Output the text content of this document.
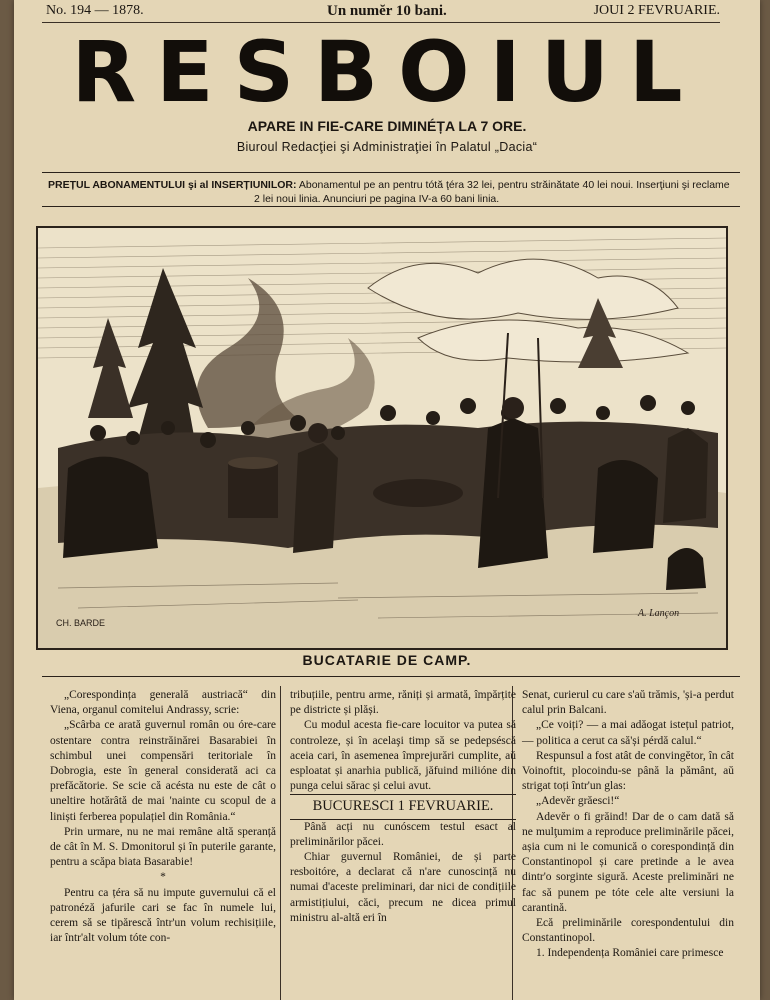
No. 194 — 1878.	Un numĕr 10 bani.	JOUI 2 FEVRUARIE.
RESBOIUL
APARE IN FIE-CARE DIMINÉȚA LA 7 ORE.
Biuroul Redacţiei şi Administraţiei în Palatul „Dacia“
PREȚUL ABONAMENTULUI şi al INSERȚIUNILOR: Abonamentul pe an pentru tótă ţéra 32 lei, pentru străinătate 40 lei noui. Inserţiuni şi reclame
2 lei noui linia. Anunciuri pe pagina IV-a 60 bani linia.
CH. BARDE
A. Lançon
BUCATARIE DE CAMP.

„Corespondința generală austriacă“ din Viena, organul comitelui Andrassy, scrie:

„Scârba ce arată guvernul român ou óre-care ostentare contra reinstrăinărei Basarabiei în schimbul unei compensări teritoriale în Dobrogia, este în general considerată aci ca prefăcătorie. Se scie că acésta nu este de cât o uneltire hotărâtă de mai 'nainte cu scopul de a liniști ferberea populațiel din România.“

Prin urmare, nu ne mai remâne altă speranță de cât în M. S. Dmonitorul și în puterile garante, pentru a scăpa biata Basarabie!

*

Pentru ca țéra să nu impute guvernului că el patronéză jafurile cari se fac în numele lui, cerem să se tipărescă într'un volum rechisițiile, iar într'alt volum tóte con-

tribuțiile, pentru arme, răniți și armată, împărțite pe districte și plăși.

Cu modul acesta fie-care locuitor va putea să controleze, și în acelaşi timp să se pedepséscă aceia cari, în asemenea împrejurări cumplite, aŭ esploatat și anarhia publică, jăfuind milióne din punga celui sărac și celui avut.

BUCURESCI 1 FEVRUARIE.

Până acți nu cunóscem testul esact al preliminărilor păcei.

Chiar guvernul României, de și parte resboitóre, a declarat că n'are cunoscință nu numai d'aceste preliminari, dar nici de condițiile armistițiului, căci, precum ne dicea primul ministru al-altă eri în

Senat, curierul cu care s'aŭ trămis, 'și-a perdut calul prin Balcani.

„Ce voiți? — a mai adăogat istețul patriot, — politica a cerut ca să'și pérdă calul.“

Respunsul a fost atât de convingĕtor, în cât Voinoftit, plocoindu-se până la pământ, aŭ strigat toți într'un glas:

„Adevĕr grăesci!“

Adevĕr o fi grăind! Dar de o cam dată să ne mulţumim a reproduce preliminările păcei, așia cum ni le comunică o corespondință din Constantinopol și care pretinde a le avea dintr'o sorginte sigură. Aceste preliminări ne fac să punem pe tóte cele alte versiuni la carantină.

Ecă preliminările corespondentului din Constantinopol.

1. Independența României care primesce
